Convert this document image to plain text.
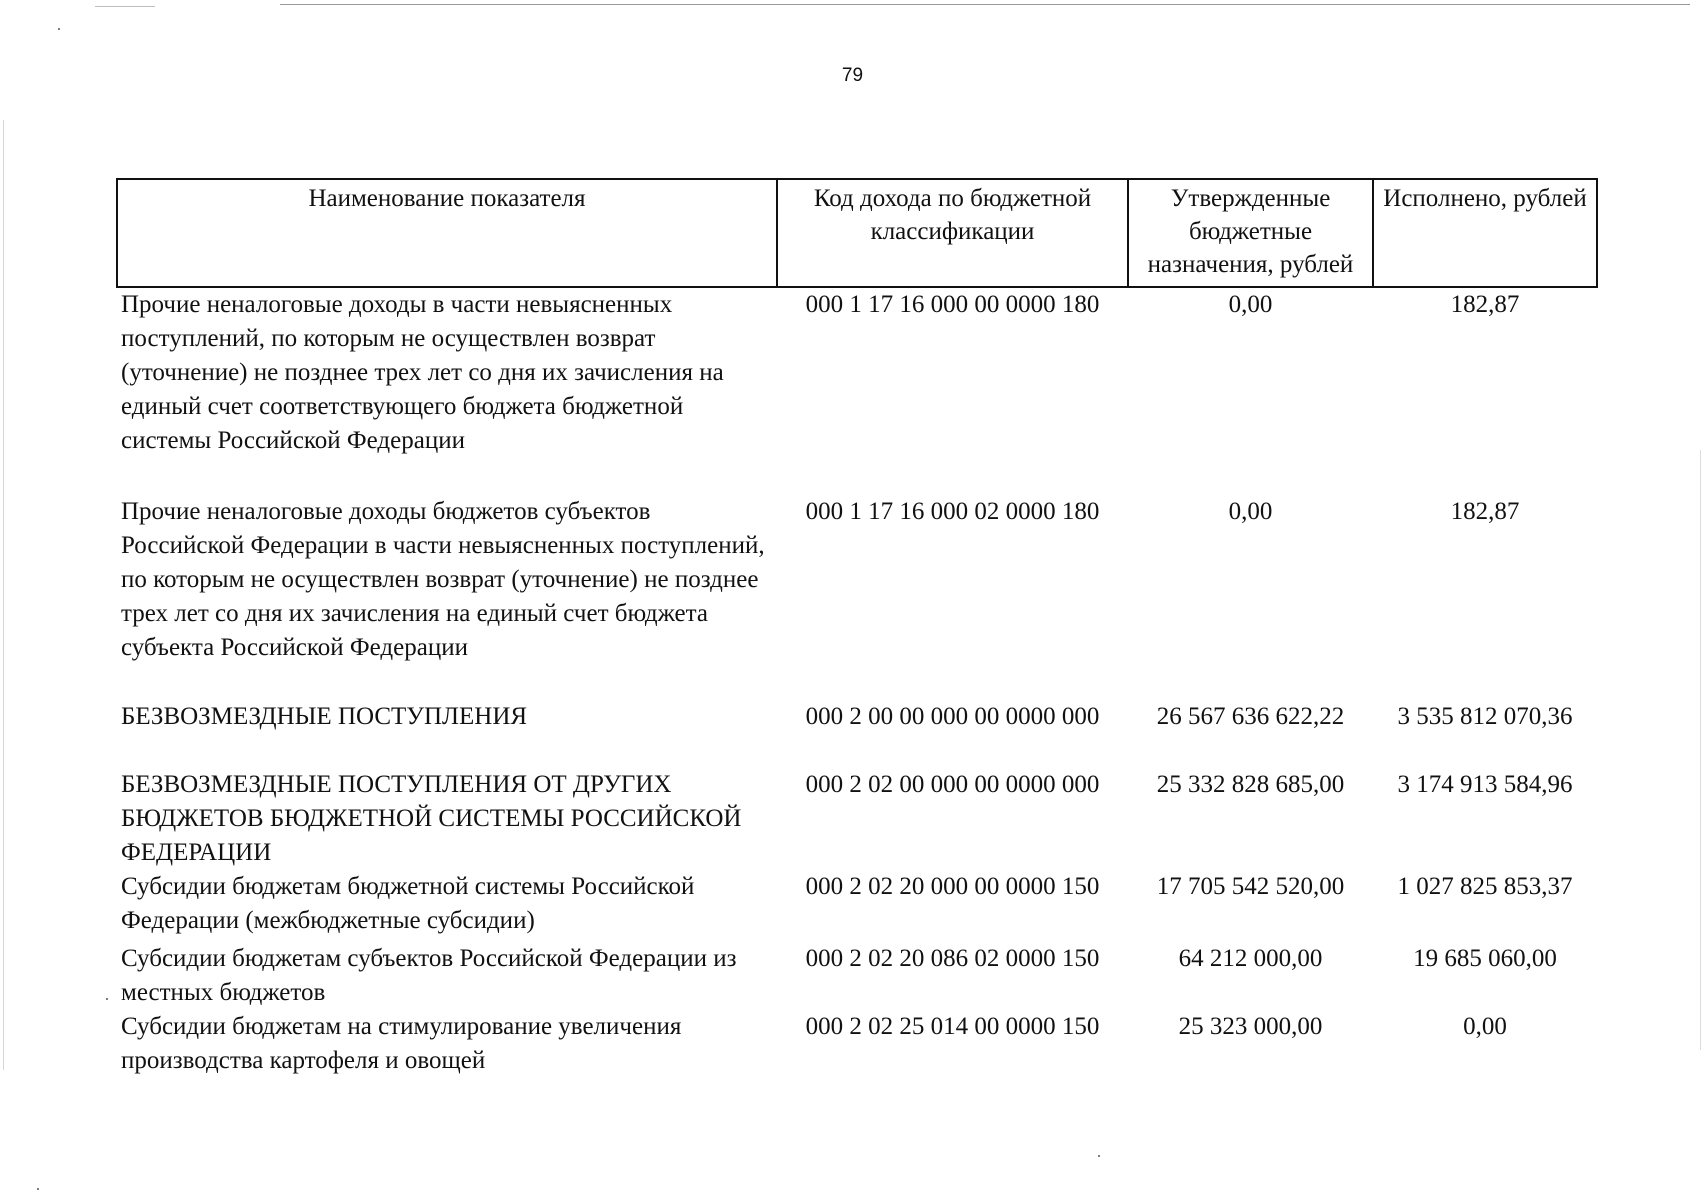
79
Наименование показателя	Код дохода по бюджетной классификации	Утвержденные бюджетные назначения, рублей	Исполнено, рублей
Прочие неналоговые доходы в части невыясненных поступлений, по которым не осуществлен возврат (уточнение) не позднее трех лет со дня их зачисления на единый счет соответствующего бюджета бюджетной системы Российской Федерации	000 1 17 16 000 00 0000 180	0,00	182,87
Прочие неналоговые доходы бюджетов субъектов Российской Федерации в части невыясненных поступлений, по которым не осуществлен возврат (уточнение) не позднее трех лет со дня их зачисления на единый счет бюджета субъекта Российской Федерации	000 1 17 16 000 02 0000 180	0,00	182,87
БЕЗВОЗМЕЗДНЫЕ ПОСТУПЛЕНИЯ	000 2 00 00 000 00 0000 000	26 567 636 622,22	3 535 812 070,36
БЕЗВОЗМЕЗДНЫЕ ПОСТУПЛЕНИЯ ОТ ДРУГИХ БЮДЖЕТОВ БЮДЖЕТНОЙ СИСТЕМЫ РОССИЙСКОЙ ФЕДЕРАЦИИ	000 2 02 00 000 00 0000 000	25 332 828 685,00	3 174 913 584,96
Субсидии бюджетам бюджетной системы Российской Федерации (межбюджетные субсидии)	000 2 02 20 000 00 0000 150	17 705 542 520,00	1 027 825 853,37
Субсидии бюджетам субъектов Российской Федерации из местных бюджетов	000 2 02 20 086 02 0000 150	64 212 000,00	19 685 060,00
Субсидии бюджетам на стимулирование увеличения производства картофеля и овощей	000 2 02 25 014 00 0000 150	25 323 000,00	0,00
